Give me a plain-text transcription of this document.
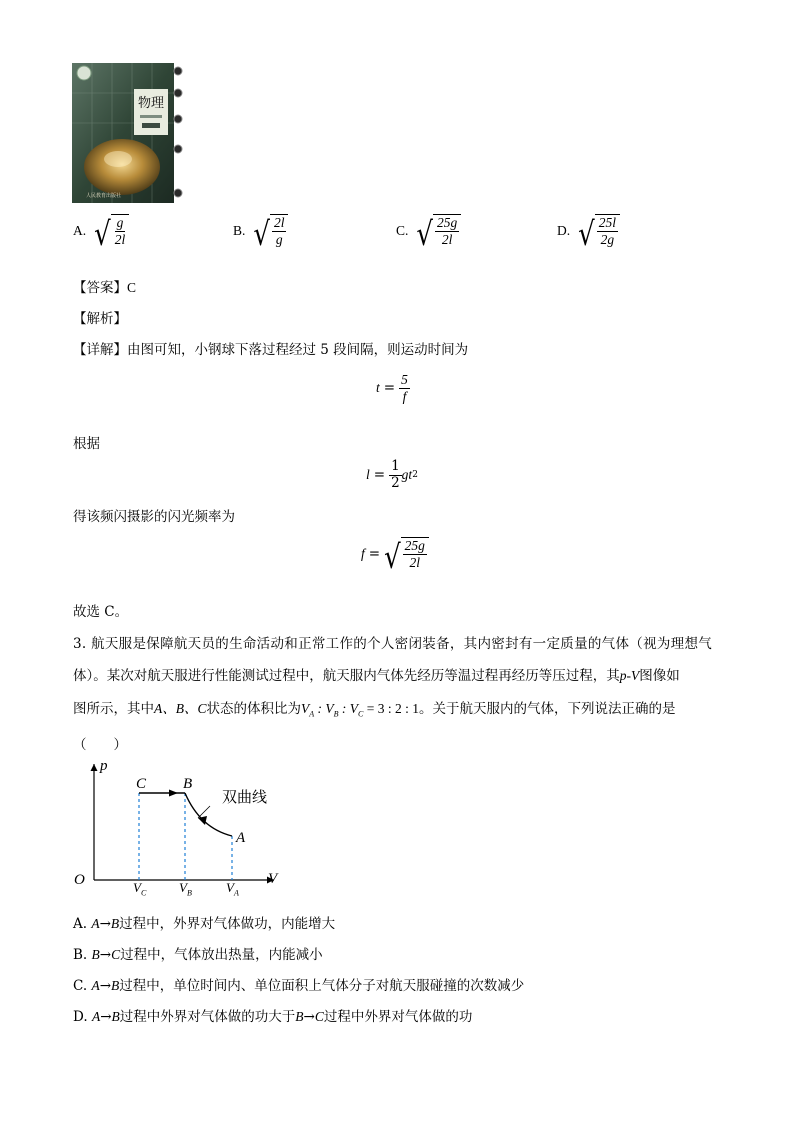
物理
人民教育出版社
A. √ $\frac{g}{2l}$	B. √ $\frac{2l}{g}$	C. √ $\frac{25g}{2l}$	D. √ $\frac{25l}{2g}$
【答案】C
【解析】
【详解】由图可知，小钢球下落过程经过 5 段间隔，则运动时间为
$t = \frac{5}{f}$
根据
$l = \frac{1}{2}$ gt 2
得该频闪摄影的闪光频率为
f = √ $\frac{25g}{2l}$
故选 C。
3. 航天服是保障航天员的生命活动和正常工作的个人密闭装备，其内密封有一定质量的气体（视为理想气
体）。某次对航天服进行性能测试过程中，航天服内气体先经历等温过程再经历等压过程，其p-V图像如
图所示，其中A、B、C状态的体积比为$V_A$ : $V_B$ : $V_C = 3$ : 2 : 1。关于航天服内的气体，下列说法正确的是
（　　）
p
V
O
C B
A
双曲线
$V_C$	$V_B$	$V_A$
A. A→B过程中，外界对气体做功，内能增大
B. B→C过程中，气体放出热量，内能减小
C. A→B过程中，单位时间内、单位面积上气体分子对航天服碰撞的次数减少
D. A→B过程中外界对气体做的功大于B→C过程中外界对气体做的功
